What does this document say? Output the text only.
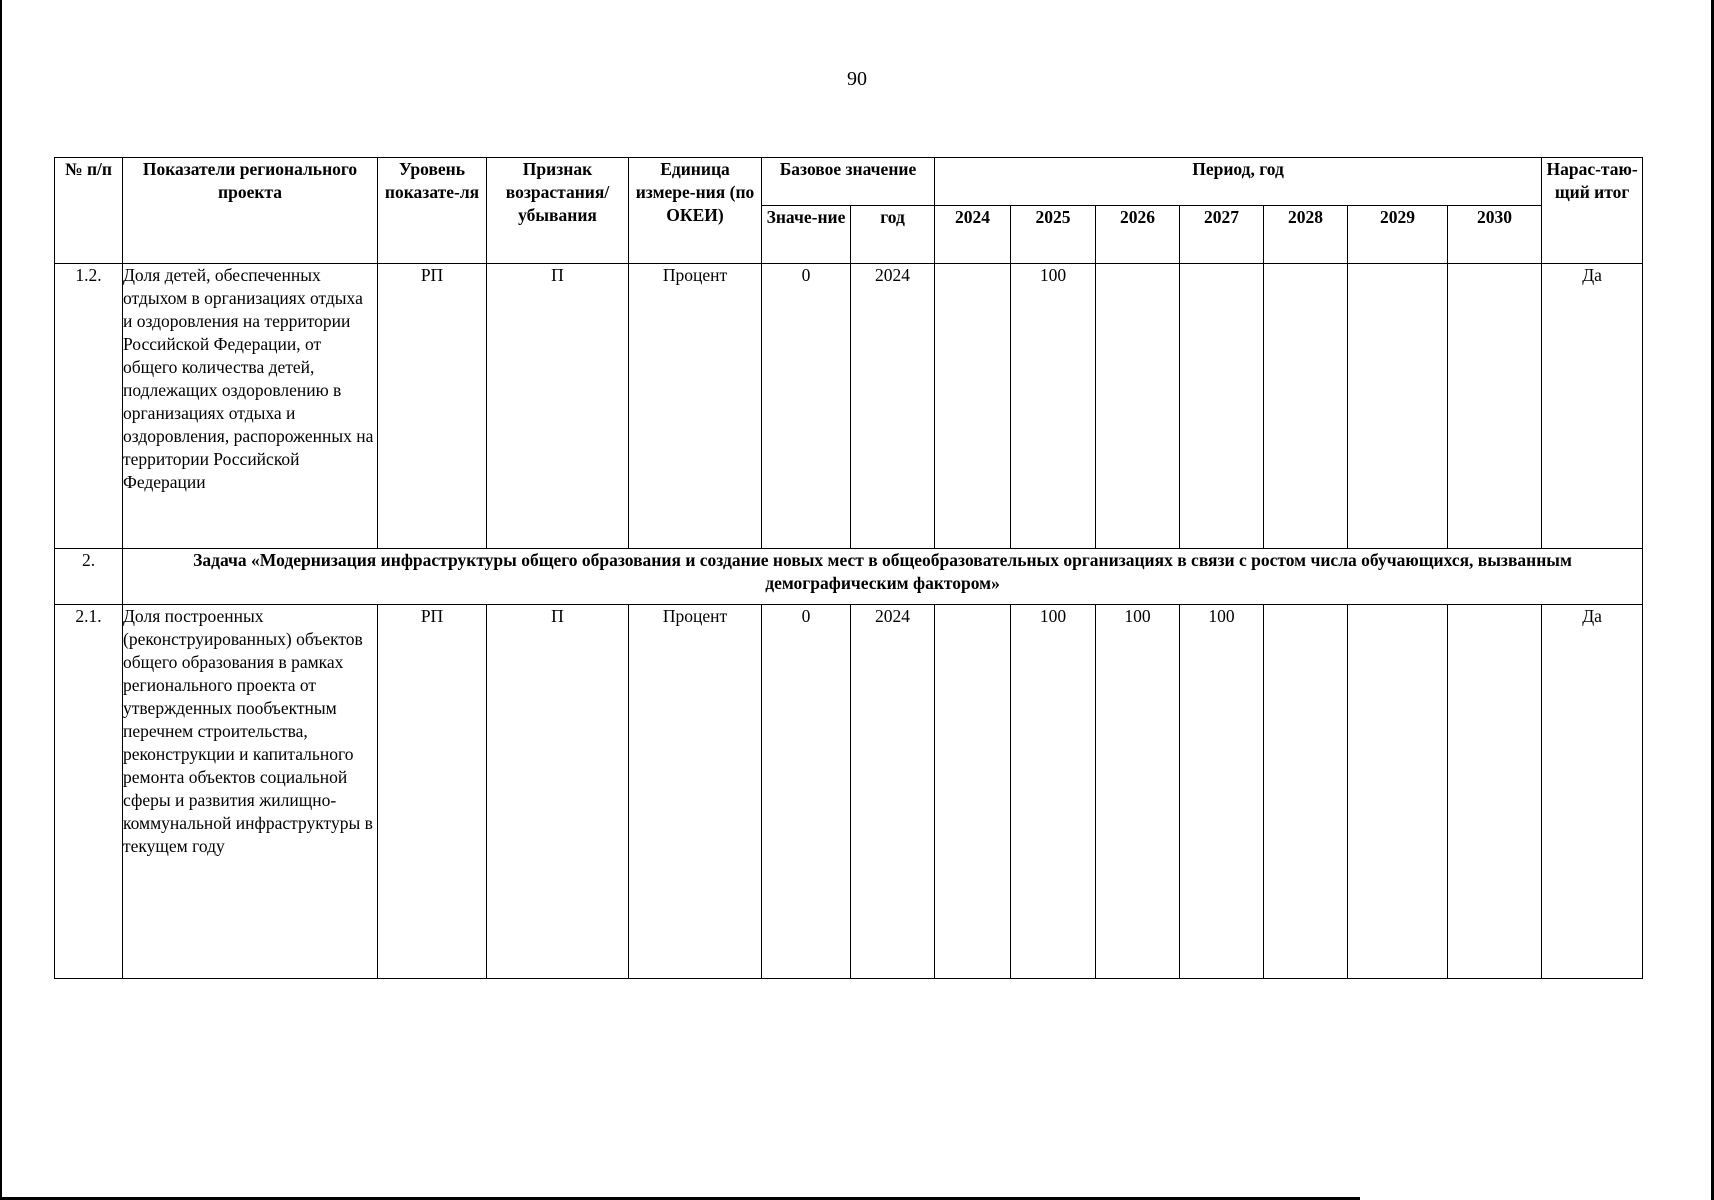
90
№ п/п	Показатели регионального проекта	Уровень показате-ля	Признак возрастания/ убывания	Единица измере-ния (по ОКЕИ)	Базовое значение		Период, год							Нарас-таю-щий итог
					Значе-ние	год	2024	2025	2026	2027	2028	2029	2030	
1.2.	Доля детей, обеспеченных отдыхом в организациях отдыха и оздоровления на территории Российской Федерации, от общего количества детей, подлежащих оздоровлению в организациях отдыха и оздоровления, распороженных на территории Российской Федерации	РП	П	Процент	0	2024		100						Да
2.	Задача «Модернизация инфраструктуры общего образования и создание новых мест в общеобразовательных организациях в связи с ростом числа обучающихся, вызванным демографическим фактором»													
2.1.	Доля построенных (реконструированных) объектов общего образования в рамках регионального проекта от утвержденных пообъектным перечнем строительства, реконструкции и капитального ремонта объектов социальной сферы и развития жилищно-коммунальной инфраструктуры в текущем году	РП	П	Процент	0	2024		100	100	100				Да
